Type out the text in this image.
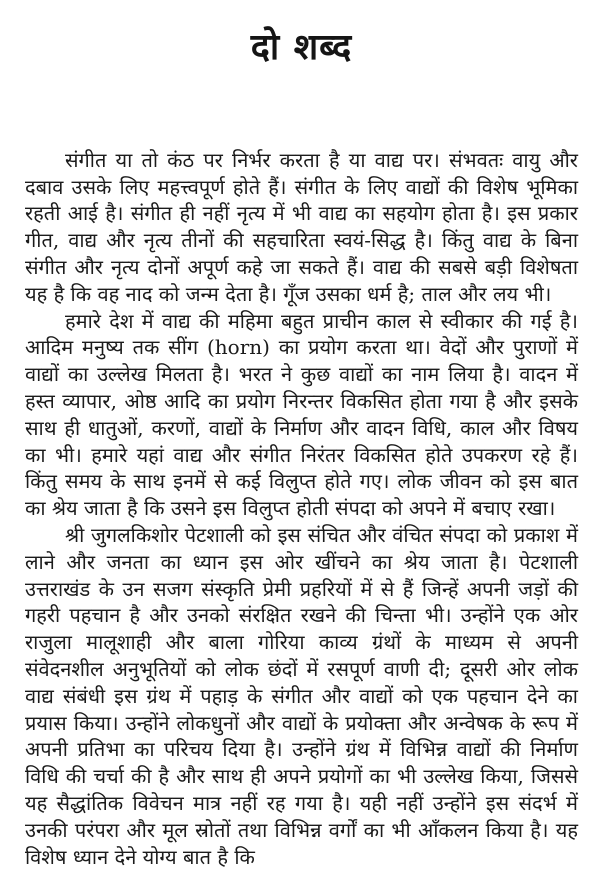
दो शब्द

संगीत या तो कंठ पर निर्भर करता है या वाद्य पर। संभवतः वायु और दबाव उसके लिए महत्त्वपूर्ण होते हैं। संगीत के लिए वाद्यों की विशेष भूमिका रहती आई है। संगीत ही नहीं नृत्य में भी वाद्य का सहयोग होता है। इस प्रकार गीत, वाद्य और नृत्य तीनों की सहचारिता स्वयं-सिद्ध है। किंतु वाद्य के बिना संगीत और नृत्य दोनों अपूर्ण कहे जा सकते हैं। वाद्य की सबसे बड़ी विशेषता यह है कि वह नाद को जन्म देता है। गूँज उसका धर्म है; ताल और लय भी।

हमारे देश में वाद्य की महिमा बहुत प्राचीन काल से स्वीकार की गई है। आदिम मनुष्य तक सींग (horn) का प्रयोग करता था। वेदों और पुराणों में वाद्यों का उल्लेख मिलता है। भरत ने कुछ वाद्यों का नाम लिया है। वादन में हस्त व्यापार, ओष्ठ आदि का प्रयोग निरन्तर विकसित होता गया है और इसके साथ ही धातुओं, करणों, वाद्यों के निर्माण और वादन विधि, काल और विषय का भी। हमारे यहां वाद्य और संगीत निरंतर विकसित होते उपकरण रहे हैं। किंतु समय के साथ इनमें से कई विलुप्त होते गए। लोक जीवन को इस बात का श्रेय जाता है कि उसने इस विलुप्त होती संपदा को अपने में बचाए रखा।

श्री जुगलकिशोर पेटशाली को इस संचित और वंचित संपदा को प्रकाश में लाने और जनता का ध्यान इस ओर खींचने का श्रेय जाता है। पेटशाली उत्तराखंड के उन सजग संस्कृति प्रेमी प्रहरियों में से हैं जिन्हें अपनी जड़ों की गहरी पहचान है और उनको संरक्षित रखने की चिन्ता भी। उन्होंने एक ओर राजुला मालूशाही और बाला गोरिया काव्य ग्रंथों के माध्यम से अपनी संवेदनशील अनुभूतियों को लोक छंदों में रसपूर्ण वाणी दी; दूसरी ओर लोक वाद्य संबंधी इस ग्रंथ में पहाड़ के संगीत और वाद्यों को एक पहचान देने का प्रयास किया। उन्होंने लोकधुनों और वाद्यों के प्रयोक्ता और अन्वेषक के रूप में अपनी प्रतिभा का परिचय दिया है। उन्होंने ग्रंथ में विभिन्न वाद्यों की निर्माण विधि की चर्चा की है और साथ ही अपने प्रयोगों का भी उल्लेख किया, जिससे यह सैद्धांतिक विवेचन मात्र नहीं रह गया है। यही नहीं उन्होंने इस संदर्भ में उनकी परंपरा और मूल स्रोतों तथा विभिन्न वर्गों का भी आँकलन किया है। यह विशेष ध्यान देने योग्य बात है कि
